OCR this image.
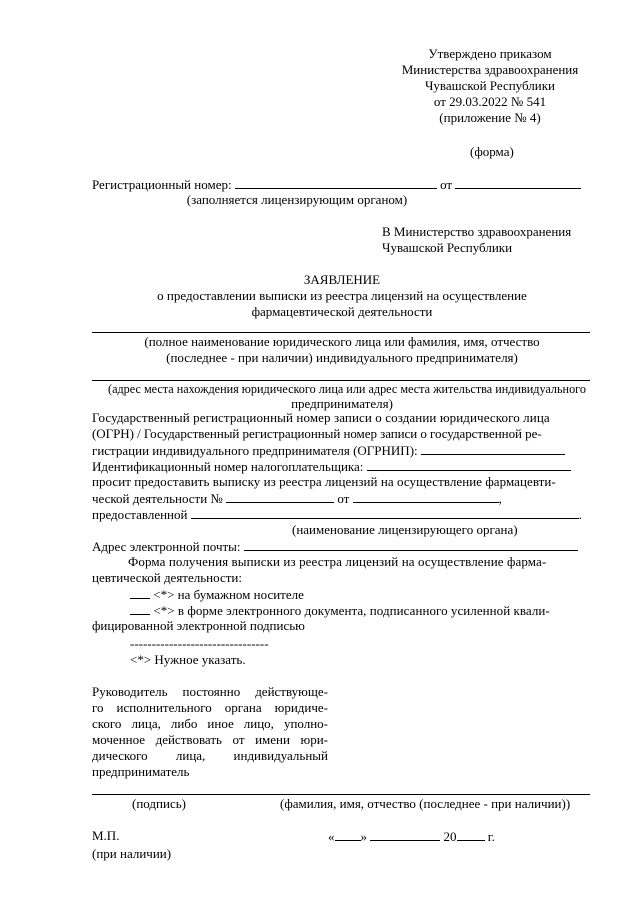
Утверждено приказом
Министерства здравоохранения
Чувашской Республики
от 29.03.2022 № 541
(приложение № 4)
(форма)
Регистрационный номер:	от
(заполняется лицензирующим органом)
В Министерство здравоохранения
Чувашской Республики
ЗАЯВЛЕНИЕ
о предоставлении выписки из реестра лицензий на осуществление
фармацевтической деятельности
(полное наименование юридического лица или фамилия, имя, отчество
(последнее - при наличии) индивидуального предпринимателя)
(адрес места нахождения юридического лица или адрес места жительства индивидуального
предпринимателя)
Государственный регистрационный номер записи о создании юридического лица
(ОГРН) / Государственный регистрационный номер записи о государственной ре-
гистрации индивидуального предпринимателя (ОГРНИП):
Идентификационный номер налогоплательщика:
просит предоставить выписку из реестра лицензий на осуществление фармацевти-
ческой деятельности №	от	,
предоставленной	.
(наименование лицензирующего органа)
Адрес электронной почты:
Форма получения выписки из реестра лицензий на осуществление фарма-
цевтической деятельности:
<*> на бумажном носителе
<*> в форме электронного документа, подписанного усиленной квали-
фицированной электронной подписью
--------------------------------
<*> Нужное указать.
Руководитель постоянно действующе-
го исполнительного органа юридиче-
ского лица, либо иное лицо, уполно-
моченное действовать от имени юри-
дического лица, индивидуальный
предприниматель
(подпись)	(фамилия, имя, отчество (последнее - при наличии))
М.П.
(при наличии)
« »	20 г.
